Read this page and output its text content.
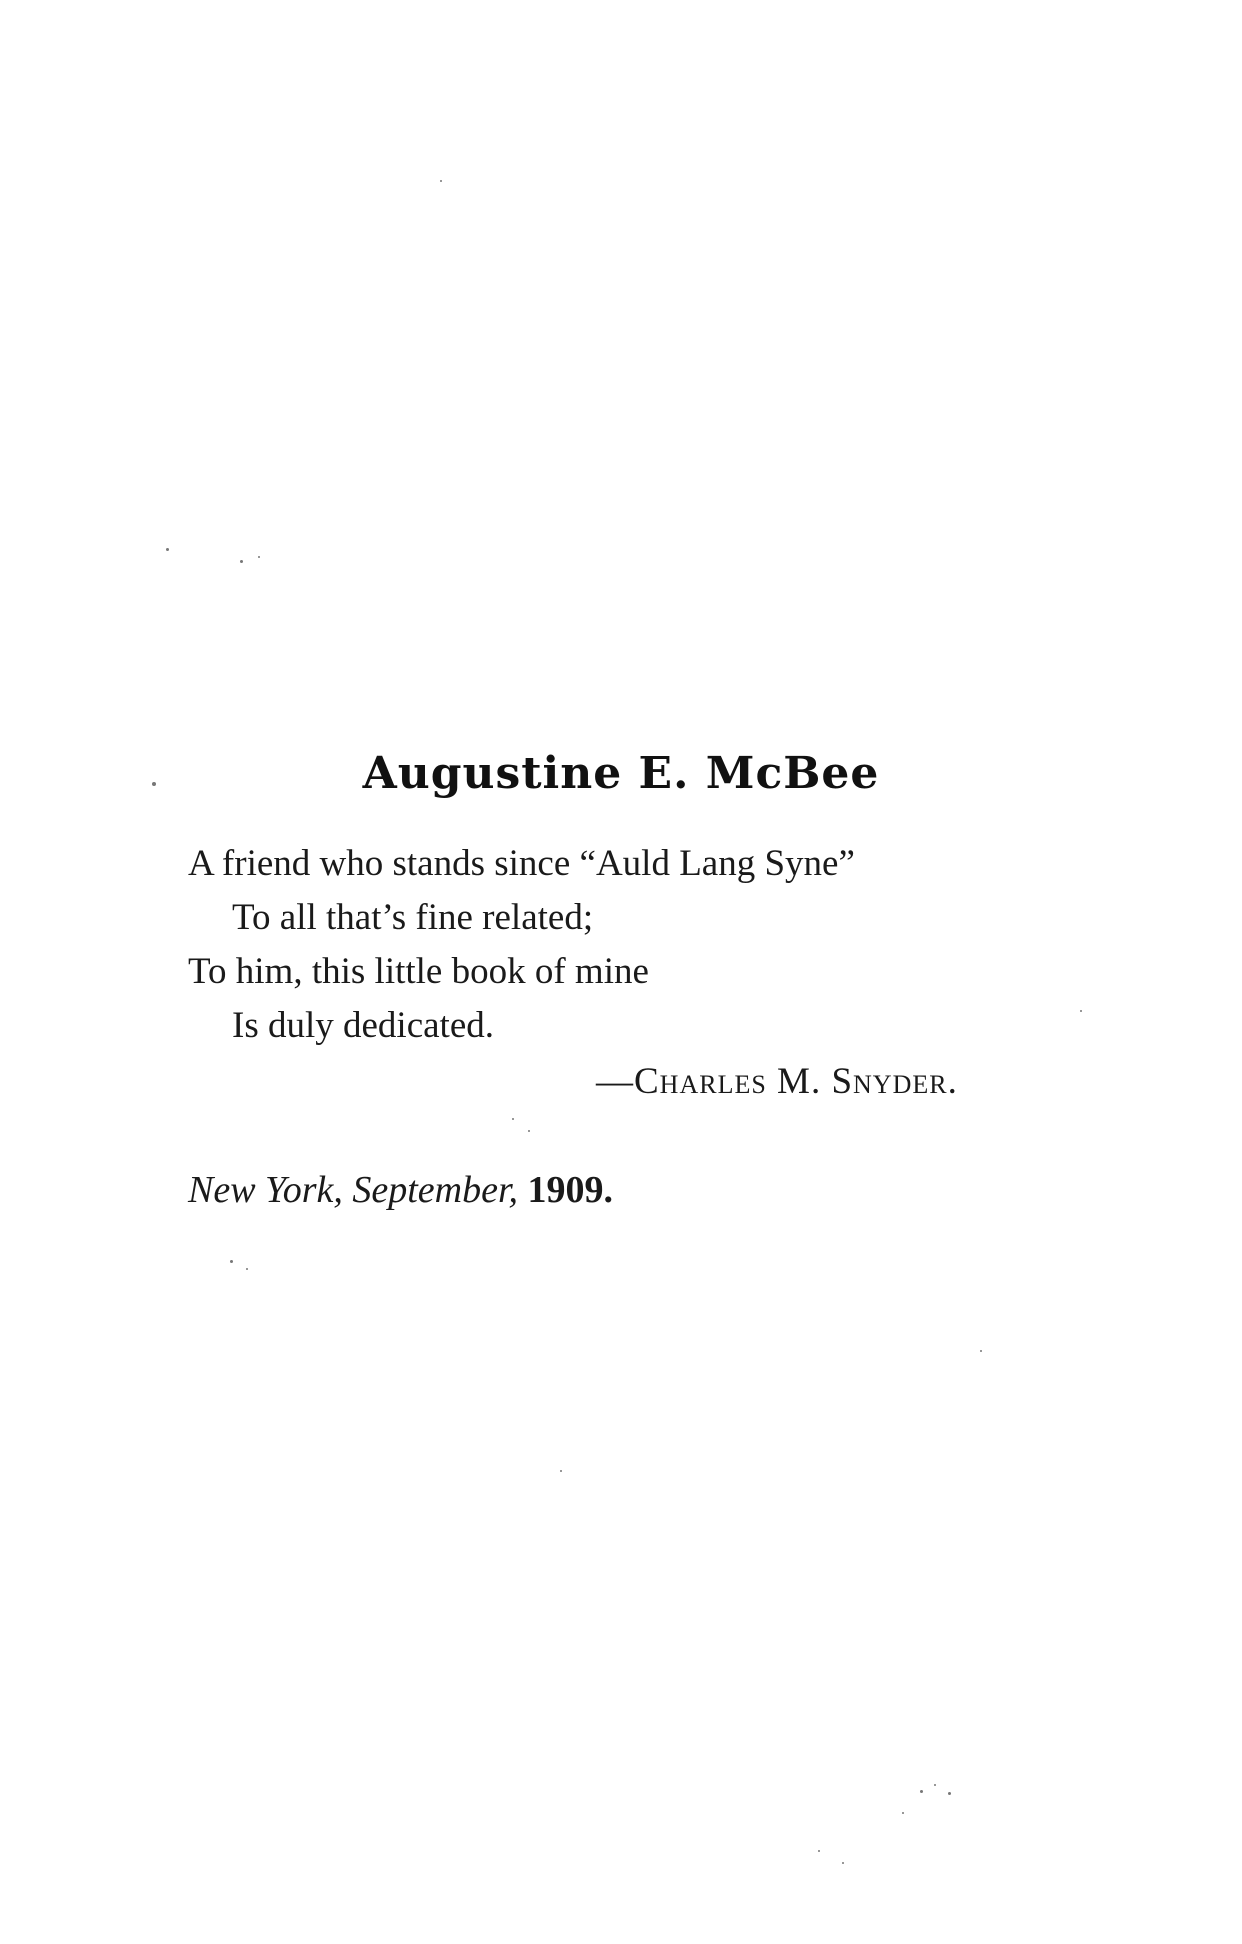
Augustine E. McBee
A friend who stands since “Auld Lang Syne”
To all that’s fine related;
To him, this little book of mine
Is duly dedicated.
—Charles M. Snyder.
New York, September, 1909.
